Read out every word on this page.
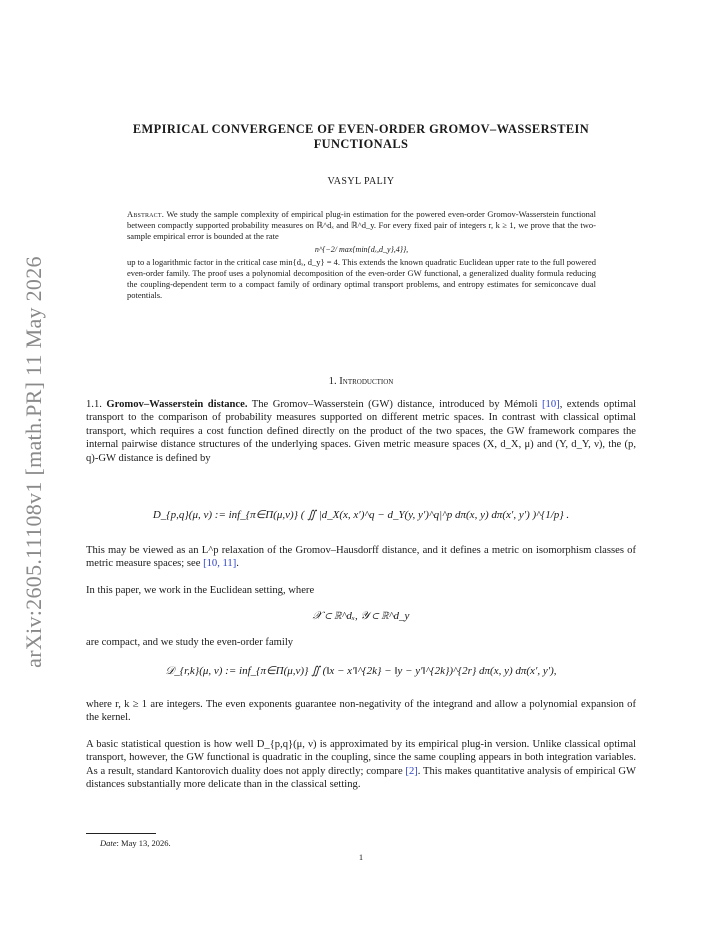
arXiv:2605.11108v1 [math.PR] 11 May 2026
EMPIRICAL CONVERGENCE OF EVEN-ORDER GROMOV–WASSERSTEIN
FUNCTIONALS
VASYL PALIY
Abstract. We study the sample complexity of empirical plug-in estimation for the powered even-order Gromov-Wasserstein functional between compactly supported probability measures on ℝ^dₓ and ℝ^d_y. For every fixed pair of integers r, k ≥ 1, we prove that the two-sample empirical error is bounded at the rate
n^{−2/ max{min{dₓ,d_y},4}},
up to a logarithmic factor in the critical case min{dₓ, d_y} = 4. This extends the known quadratic Euclidean upper rate to the full powered even-order family. The proof uses a polynomial decomposition of the even-order GW functional, a generalized duality formula reducing the coupling-dependent term to a compact family of ordinary optimal transport problems, and entropy estimates for semiconcave dual potentials.
1. Introduction

1.1. Gromov–Wasserstein distance. The Gromov–Wasserstein (GW) distance, introduced by Mémoli [10], extends optimal transport to the comparison of probability measures supported on different metric spaces. In contrast with classical optimal transport, which requires a cost function defined directly on the product of the two spaces, the GW framework compares the internal pairwise distance structures of the underlying spaces. Given metric measure spaces (X, d_X, μ) and (Y, d_Y, ν), the (p, q)-GW distance is defined by

D_{p,q}(μ, ν) := inf_{π∈Π(μ,ν)} ( ∬ |d_X(x, x′)^q − d_Y(y, y′)^q|^p dπ(x, y) dπ(x′, y′) )^{1/p} .

This may be viewed as an L^p relaxation of the Gromov–Hausdorff distance, and it defines a metric on isomorphism classes of metric measure spaces; see [10, 11].

In this paper, we work in the Euclidean setting, where

𝒳 ⊂ ℝ^dₓ, 𝒴 ⊂ ℝ^d_y

are compact, and we study the even-order family

𝒟_{r,k}(μ, ν) := inf_{π∈Π(μ,ν)} ∬ (‖x − x′‖^{2k} − ‖y − y′‖^{2k})^{2r} dπ(x, y) dπ(x′, y′),

where r, k ≥ 1 are integers. The even exponents guarantee non-negativity of the integrand and allow a polynomial expansion of the kernel.

A basic statistical question is how well D_{p,q}(μ, ν) is approximated by its empirical plug-in version. Unlike classical optimal transport, however, the GW functional is quadratic in the coupling, since the same coupling appears in both integration variables. As a result, standard Kantorovich duality does not apply directly; compare [2]. This makes quantitative analysis of empirical GW distances substantially more delicate than in the classical setting.

Date: May 13, 2026.
1
